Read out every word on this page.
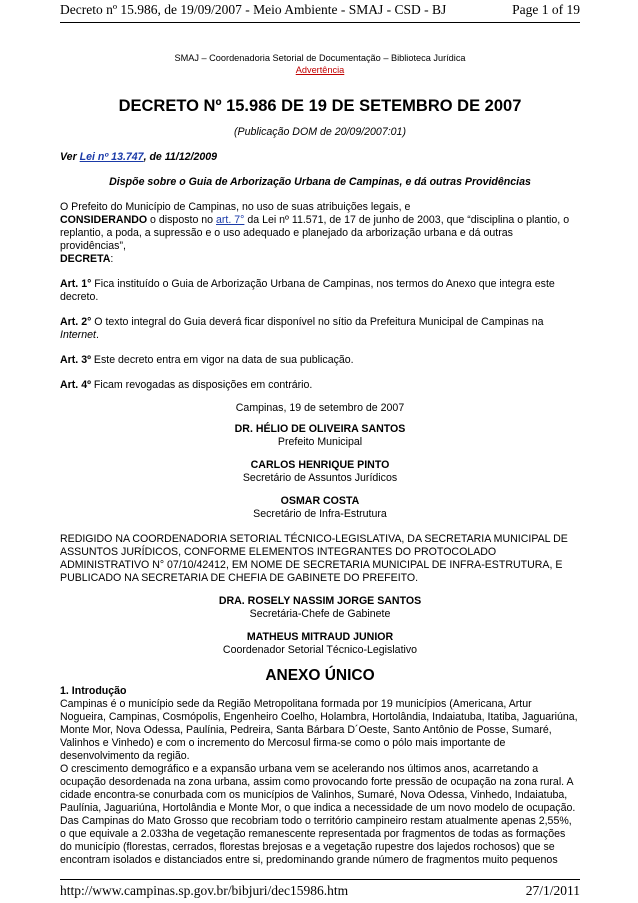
Decreto nº 15.986, de 19/09/2007 - Meio Ambiente - SMAJ - CSD - BJ	Page 1 of 19

SMAJ – Coordenadoria Setorial de Documentação – Biblioteca Jurídica

Advertência

DECRETO Nº 15.986 DE 19 DE SETEMBRO DE 2007

(Publicação DOM de 20/09/2007:01)

Ver Lei nº 13.747, de 11/12/2009

Dispõe sobre o Guia de Arborização Urbana de Campinas, e dá outras Providências

O Prefeito do Município de Campinas, no uso de suas atribuições legais, e

CONSIDERANDO o disposto no art. 7° da Lei nº 11.571, de 17 de junho de 2003, que “disciplina o plantio, o replantio, a poda, a supressão e o uso adequado e planejado da arborização urbana e dá outras providências”,

DECRETA:

Art. 1° Fica instituído o Guia de Arborização Urbana de Campinas, nos termos do Anexo que integra este decreto.

Art. 2° O texto integral do Guia deverá ficar disponível no sítio da Prefeitura Municipal de Campinas na Internet.

Art. 3º Este decreto entra em vigor na data de sua publicação.

Art. 4º Ficam revogadas as disposições em contrário.

Campinas, 19 de setembro de 2007

DR. HÉLIO DE OLIVEIRA SANTOS

Prefeito Municipal

CARLOS HENRIQUE PINTO

Secretário de Assuntos Jurídicos

OSMAR COSTA

Secretário de Infra-Estrutura

REDIGIDO NA COORDENADORIA SETORIAL TÉCNICO-LEGISLATIVA, DA SECRETARIA MUNICIPAL DE ASSUNTOS JURÍDICOS, CONFORME ELEMENTOS INTEGRANTES DO PROTOCOLADO ADMINISTRATIVO N° 07/10/42412, EM NOME DE SECRETARIA MUNICIPAL DE INFRA-ESTRUTURA, E PUBLICADO NA SECRETARIA DE CHEFIA DE GABINETE DO PREFEITO.

DRA. ROSELY NASSIM JORGE SANTOS

Secretária-Chefe de Gabinete

MATHEUS MITRAUD JUNIOR

Coordenador Setorial Técnico-Legislativo

ANEXO ÚNICO

1. Introdução

Campinas é o município sede da Região Metropolitana formada por 19 municípios (Americana, Artur Nogueira, Campinas, Cosmópolis, Engenheiro Coelho, Holambra, Hortolândia, Indaiatuba, Itatiba, Jaguariúna, Monte Mor, Nova Odessa, Paulínia, Pedreira, Santa Bárbara D´Oeste, Santo Antônio de Posse, Sumaré, Valinhos e Vinhedo) e com o incremento do Mercosul firma-se como o pólo mais importante de desenvolvimento da região.

O crescimento demográfico e a expansão urbana vem se acelerando nos últimos anos, acarretando a ocupação desordenada na zona urbana, assim como provocando forte pressão de ocupação na zona rural. A cidade encontra-se conurbada com os municípios de Valinhos, Sumaré, Nova Odessa, Vinhedo, Indaiatuba, Paulínia, Jaguariúna, Hortolândia e Monte Mor, o que indica a necessidade de um novo modelo de ocupação.

Das Campinas do Mato Grosso que recobriam todo o território campineiro restam atualmente apenas 2,55%, o que equivale a 2.033ha de vegetação remanescente representada por fragmentos de todas as formações do município (florestas, cerrados, florestas brejosas e a vegetação rupestre dos lajedos rochosos) que se encontram isolados e distanciados entre si, predominando grande número de fragmentos muito pequenos

http://www.campinas.sp.gov.br/bibjuri/dec15986.htm	27/1/2011
